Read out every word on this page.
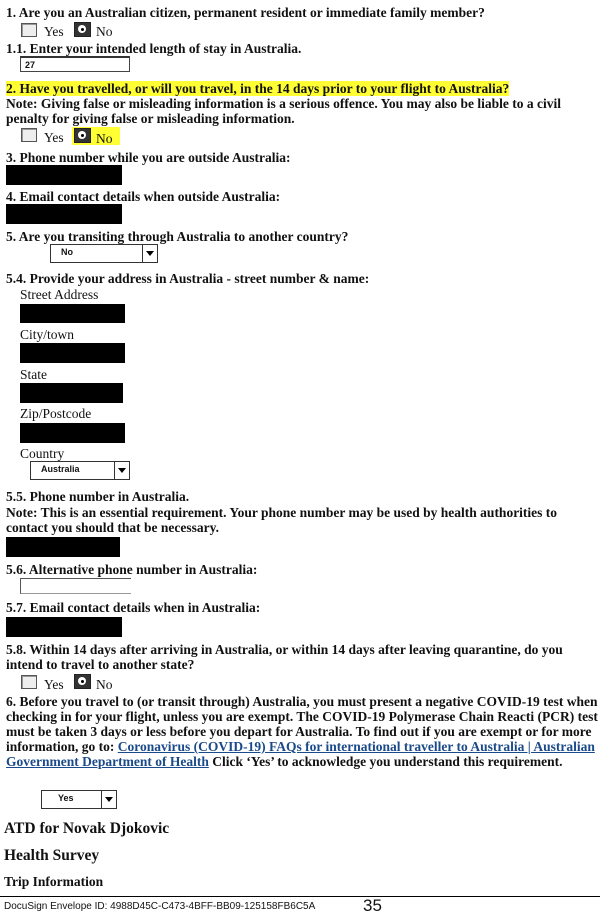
1. Are you an Australian citizen, permanent resident or immediate family member?
Yes No
1.1. Enter your intended length of stay in Australia.
27
2. Have you travelled, or will you travel, in the 14 days prior to your flight to Australia?
Note: Giving false or misleading information is a serious offence. You may also be liable to a civil penalty for giving false or misleading information.
Yes No
3. Phone number while you are outside Australia:
4. Email contact details when outside Australia:
5. Are you transiting through Australia to another country?
No
5.4. Provide your address in Australia - street number & name:
Street Address
City/town
State
Zip/Postcode
Country
Australia
5.5. Phone number in Australia.
Note: This is an essential requirement. Your phone number may be used by health authorities to contact you should that be necessary.
5.6. Alternative phone number in Australia:
5.7. Email contact details when in Australia:
5.8. Within 14 days after arriving in Australia, or within 14 days after leaving quarantine, do you intend to travel to another state?
Yes No
6. Before you travel to (or transit through) Australia, you must present a negative COVID-19 test when checking in for your flight, unless you are exempt. The COVID-19 Polymerase Chain Reacti (PCR) test must be taken 3 days or less before you depart for Australia. To find out if you are exempt or for more information, go to: Coronavirus (COVID-19) FAQs for international traveller to Australia | Australian Government Department of Health Click ‘Yes’ to acknowledge you understand this requirement.
Yes
ATD for Novak Djokovic
Health Survey
Trip Information
DocuSign Envelope ID: 4988D45C-C473-4BFF-BB09-125158FB6C5A	35
